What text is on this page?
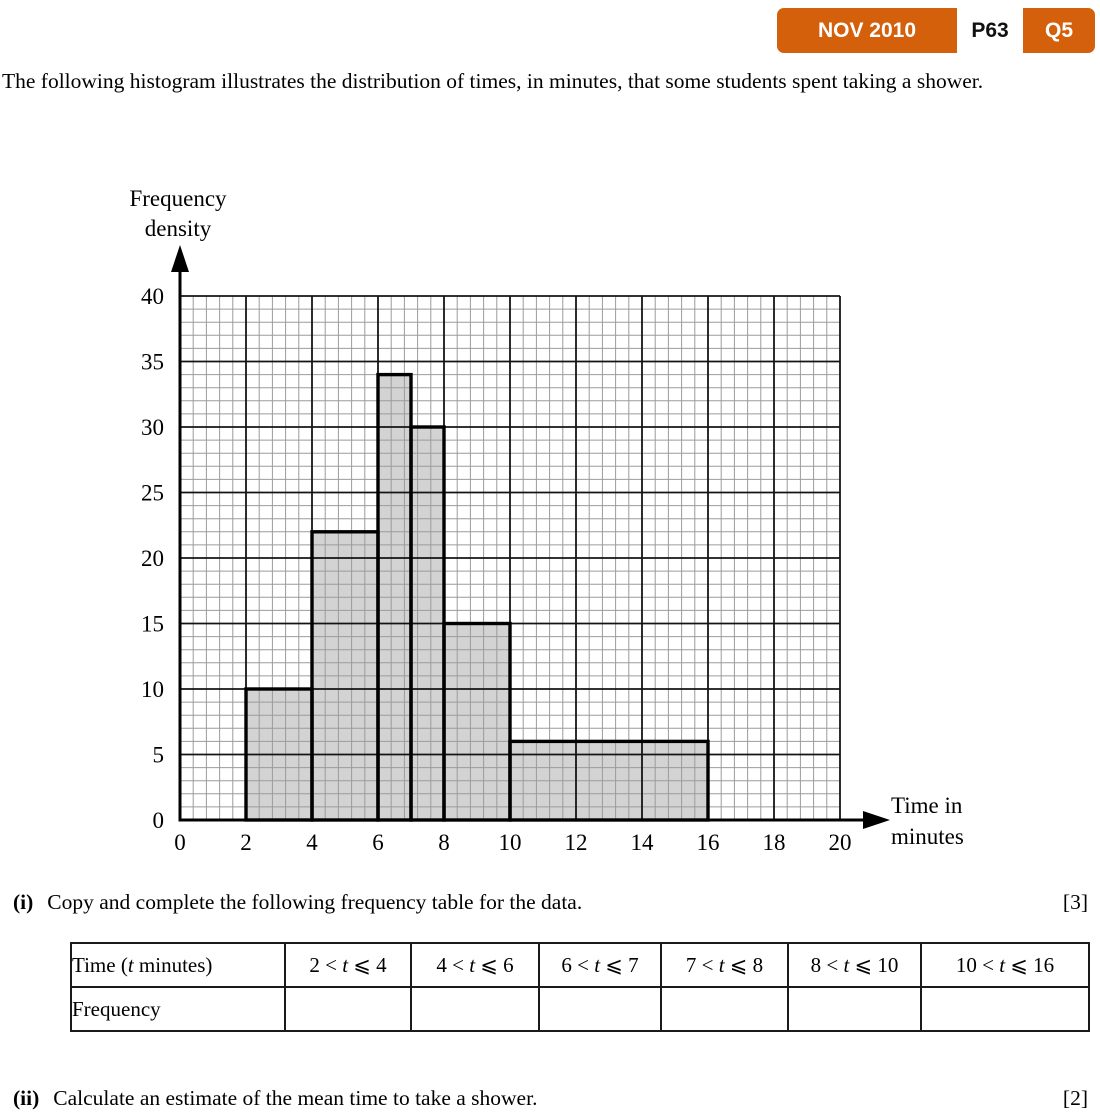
NOV 2010	P63	Q5

The following histogram illustrates the distribution of times, in minutes, that some students spent taking a shower.

Frequency
density
0
5
10
15
20
25
30
35
40
0 2 4 6 8 10 12 14 16 18 20
Time in
minutes
(i) Copy and complete the following frequency table for the data.	[3]
Time (t minutes)	2 < t ⩽ 4	4 < t ⩽ 6	6 < t ⩽ 7	7 < t ⩽ 8	8 < t ⩽ 10	10 < t ⩽ 16
Frequency						
(ii) Calculate an estimate of the mean time to take a shower.	[2]
